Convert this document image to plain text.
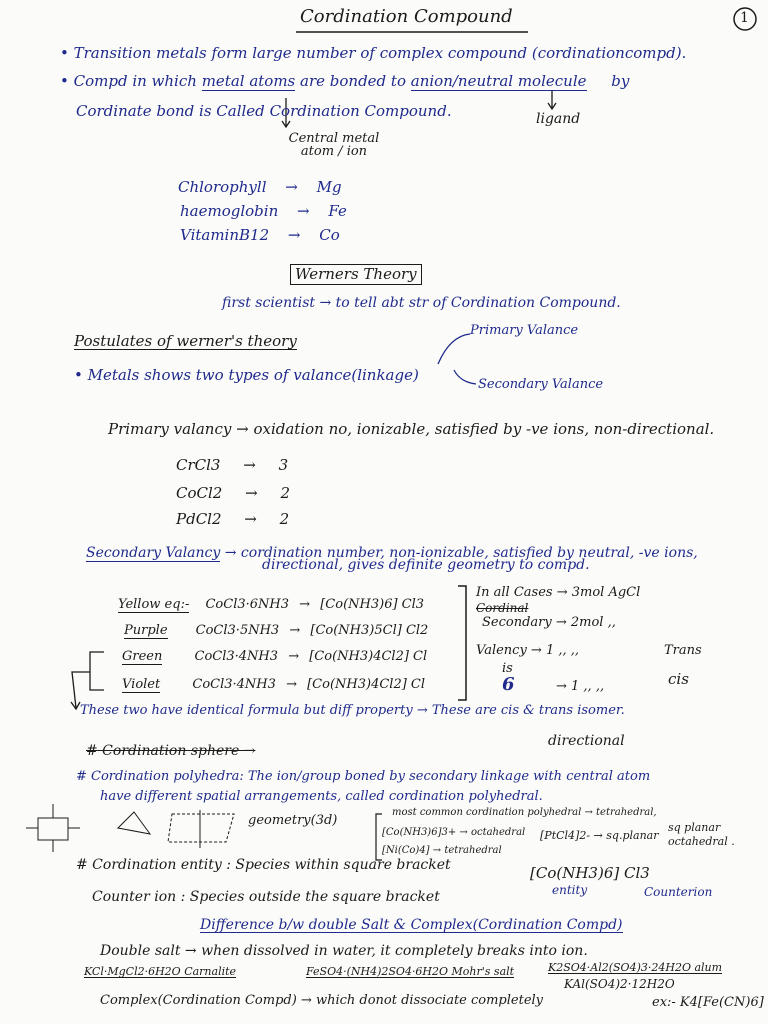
Cordination Compound	1
• Transition metals form large number of complex compound (cordinationcompd).
• Compd in which metal atoms are bonded to anion/neutral molecule by
Cordinate bond is Called Cordination Compound.
Central metal atom / ion
ligand
Chlorophyll → Mg
haemoglobin → Fe
VitaminB12 → Co
Werners Theory
first scientist → to tell abt str of Cordination Compound.
Postulates of werner's theory
• Metals shows two types of valance(linkage)
Primary Valance
Secondary Valance
Primary valancy → oxidation no, ionizable, satisfied by -ve ions, non-directional.
CrCl3 → 3
CoCl2 → 2
PdCl2 → 2
Secondary Valancy → cordination number, non-ionizable, satisfied by neutral, -ve ions,
directional, gives definite geometry to compd.
Yellow eq:- CoCl3·6NH3 → [Co(NH3)6] Cl3
Purple CoCl3·5NH3 → [Co(NH3)5Cl] Cl2
Green CoCl3·4NH3 → [Co(NH3)4Cl2] Cl
Violet CoCl3·4NH3 → [Co(NH3)4Cl2] Cl
In all Cases → 3mol AgCl
Cordinal
Secondary → 2mol ,,
Valency → 1 ,, ,,
is
6	→ 1 ,, ,,
Trans
cis
These two have identical formula but diff property → These are cis & trans isomer.
# Cordination sphere →
directional
# Cordination polyhedra: The ion/group boned by secondary linkage with central atom
have different spatial arrangements, called cordination polyhedral.
geometry(3d)
most common cordination polyhedral → tetrahedral,
[Co(NH3)6]3+ → octahedral
[Ni(Co)4] → tetrahedral
[PtCl4]2- → sq.planar
sq planar
octahedral .
# Cordination entity : Species within square bracket
Counter ion : Species outside the square bracket
[Co(NH3)6] Cl3
entity	Counterion
Difference b/w double Salt & Complex(Cordination Compd)
Double salt → when dissolved in water, it completely breaks into ion.
KCl·MgCl2·6H2O Carnalite	FeSO4·(NH4)2SO4·6H2O Mohr's salt	K2SO4·Al2(SO4)3·24H2O alum
KAl(SO4)2·12H2O
Complex(Cordination Compd) → which donot dissociate completely	ex:- K4[Fe(CN)6]
